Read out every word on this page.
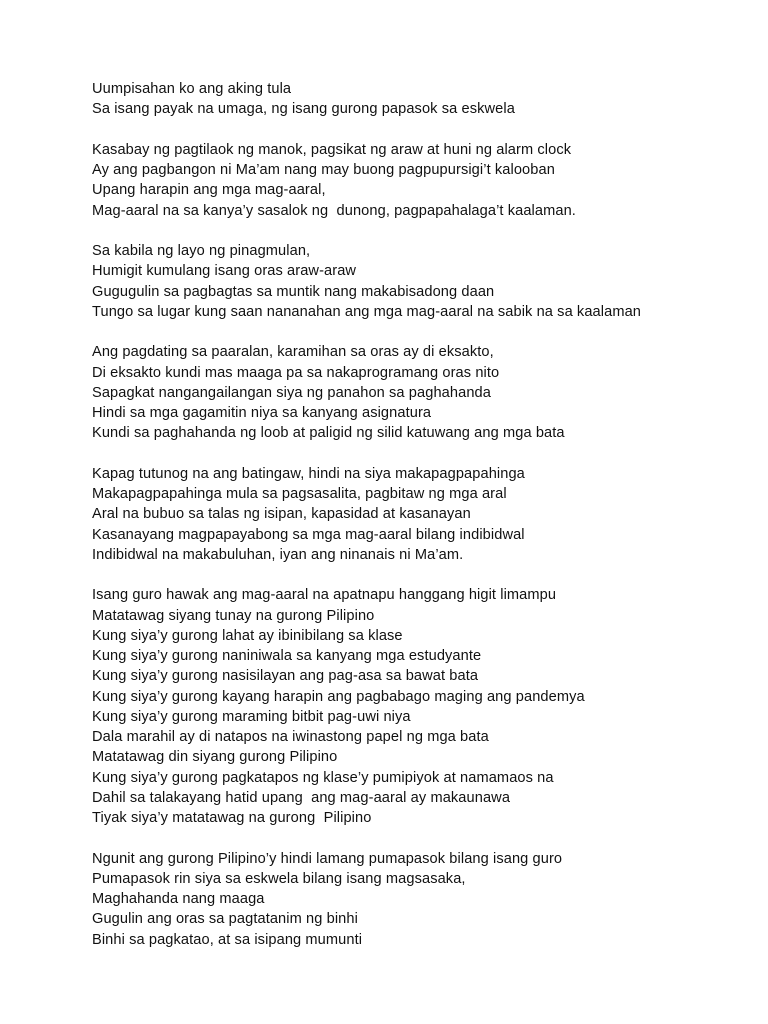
Uumpisahan ko ang aking tula
Sa isang payak na umaga, ng isang gurong papasok sa eskwela
Kasabay ng pagtilaok ng manok, pagsikat ng araw at huni ng alarm clock
Ay ang pagbangon ni Ma’am nang may buong pagpupursigi’t kalooban
Upang harapin ang mga mag-aaral,
Mag-aaral na sa kanya’y sasalok ng  dunong, pagpapahalaga’t kaalaman.
Sa kabila ng layo ng pinagmulan,
Humigit kumulang isang oras araw-araw
Gugugulin sa pagbagtas sa muntik nang makabisadong daan
Tungo sa lugar kung saan nananahan ang mga mag-aaral na sabik na sa kaalaman
Ang pagdating sa paaralan, karamihan sa oras ay di eksakto,
Di eksakto kundi mas maaga pa sa nakaprogramang oras nito
Sapagkat nangangailangan siya ng panahon sa paghahanda
Hindi sa mga gagamitin niya sa kanyang asignatura
Kundi sa paghahanda ng loob at paligid ng silid katuwang ang mga bata
Kapag tutunog na ang batingaw, hindi na siya makapagpapahinga
Makapagpapahinga mula sa pagsasalita, pagbitaw ng mga aral
Aral na bubuo sa talas ng isipan, kapasidad at kasanayan
Kasanayang magpapayabong sa mga mag-aaral bilang indibidwal
Indibidwal na makabuluhan, iyan ang ninanais ni Ma’am.
Isang guro hawak ang mag-aaral na apatnapu hanggang higit limampu
Matatawag siyang tunay na gurong Pilipino
Kung siya’y gurong lahat ay ibinibilang sa klase
Kung siya’y gurong naniniwala sa kanyang mga estudyante
Kung siya’y gurong nasisilayan ang pag-asa sa bawat bata
Kung siya’y gurong kayang harapin ang pagbabago maging ang pandemya
Kung siya’y gurong maraming bitbit pag-uwi niya
Dala marahil ay di natapos na iwinastong papel ng mga bata
Matatawag din siyang gurong Pilipino
Kung siya’y gurong pagkatapos ng klase’y pumipiyok at namamaos na
Dahil sa talakayang hatid upang  ang mag-aaral ay makaunawa
Tiyak siya’y matatawag na gurong  Pilipino
Ngunit ang gurong Pilipino’y hindi lamang pumapasok bilang isang guro
Pumapasok rin siya sa eskwela bilang isang magsasaka,
Maghahanda nang maaga
Gugulin ang oras sa pagtatanim ng binhi
Binhi sa pagkatao, at sa isipang mumunti
